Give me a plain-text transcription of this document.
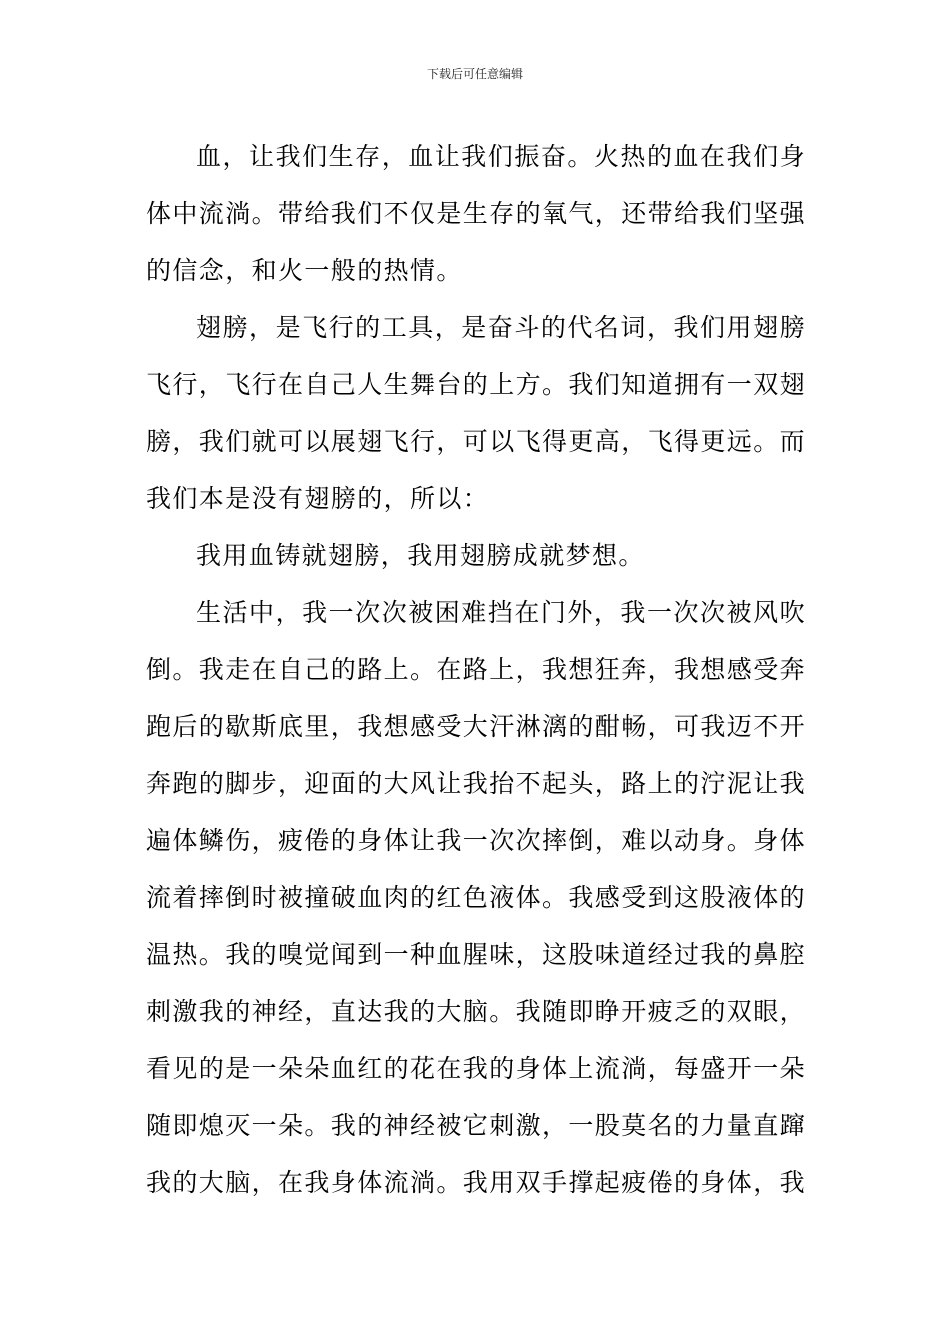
下载后可任意编辑

血，让我们生存，血让我们振奋。火热的血在我们身体中流淌。带给我们不仅是生存的氧气，还带给我们坚强的信念，和火一般的热情。

翅膀，是飞行的工具，是奋斗的代名词，我们用翅膀飞行，飞行在自己人生舞台的上方。我们知道拥有一双翅膀，我们就可以展翅飞行，可以飞得更高，飞得更远。而我们本是没有翅膀的，所以：

我用血铸就翅膀，我用翅膀成就梦想。

生活中，我一次次被困难挡在门外，我一次次被风吹倒。我走在自己的路上。在路上，我想狂奔，我想感受奔跑后的歇斯底里，我想感受大汗淋漓的酣畅，可我迈不开奔跑的脚步，迎面的大风让我抬不起头，路上的泞泥让我遍体鳞伤，疲倦的身体让我一次次摔倒，难以动身。身体流着摔倒时被撞破血肉的红色液体。我感受到这股液体的温热。我的嗅觉闻到一种血腥味，这股味道经过我的鼻腔刺激我的神经，直达我的大脑。我随即睁开疲乏的双眼，看见的是一朵朵血红的花在我的身体上流淌，每盛开一朵随即熄灭一朵。我的神经被它刺激，一股莫名的力量直蹿我的大脑，在我身体流淌。我用双手撑起疲倦的身体，我
